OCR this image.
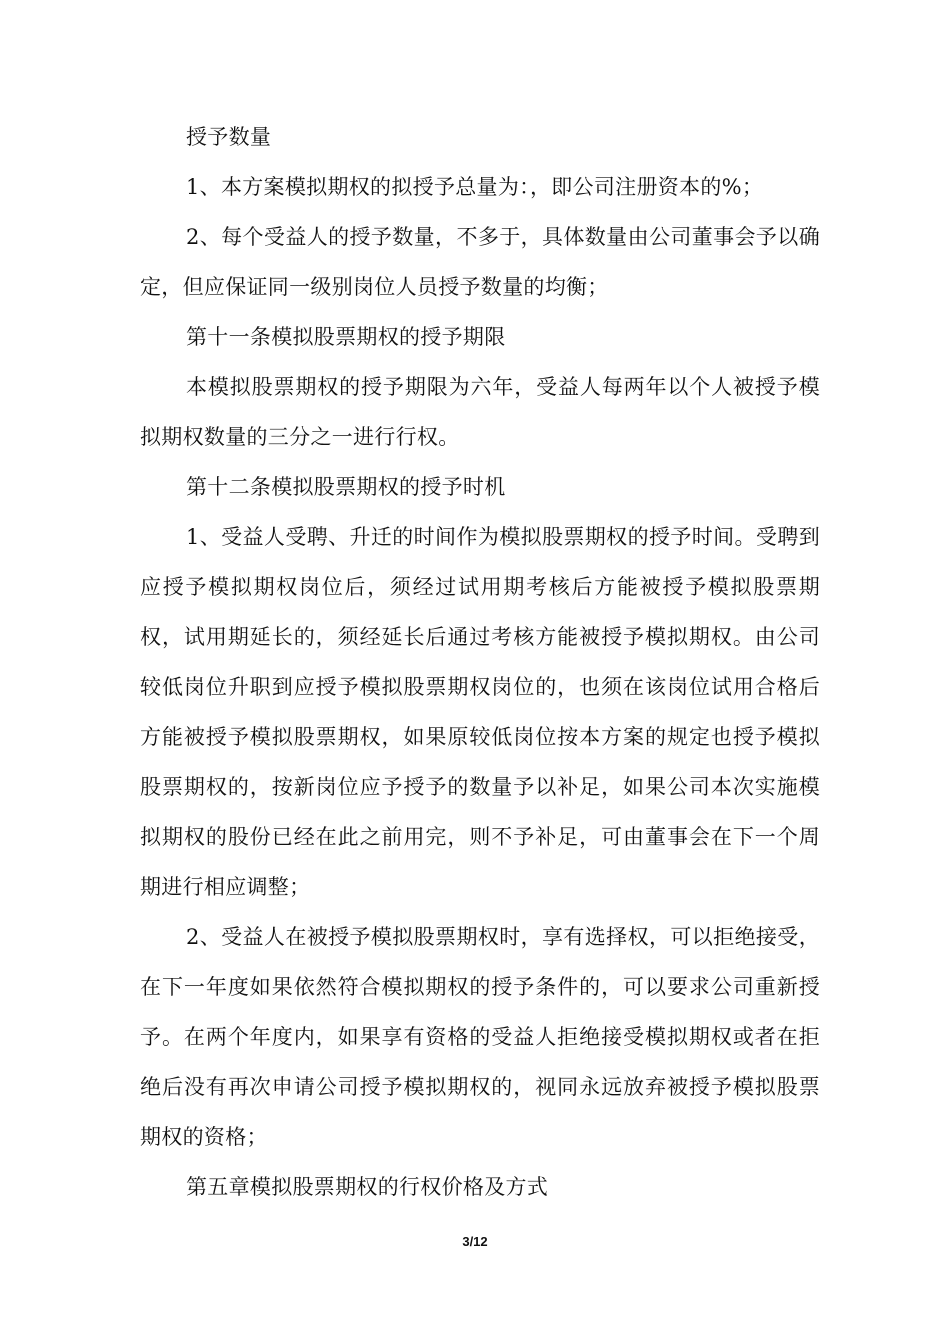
授予数量

1、本方案模拟期权的拟授予总量为：，即公司注册资本的%；

2、每个受益人的授予数量，不多于，具体数量由公司董事会予以确定，但应保证同一级别岗位人员授予数量的均衡；

第十一条模拟股票期权的授予期限

本模拟股票期权的授予期限为六年，受益人每两年以个人被授予模拟期权数量的三分之一进行行权。

第十二条模拟股票期权的授予时机

1、受益人受聘、升迁的时间作为模拟股票期权的授予时间。受聘到应授予模拟期权岗位后，须经过试用期考核后方能被授予模拟股票期权，试用期延长的，须经延长后通过考核方能被授予模拟期权。由公司较低岗位升职到应授予模拟股票期权岗位的，也须在该岗位试用合格后方能被授予模拟股票期权，如果原较低岗位按本方案的规定也授予模拟股票期权的，按新岗位应予授予的数量予以补足，如果公司本次实施模拟期权的股份已经在此之前用完，则不予补足，可由董事会在下一个周期进行相应调整；

2、受益人在被授予模拟股票期权时，享有选择权，可以拒绝接受，在下一年度如果依然符合模拟期权的授予条件的，可以要求公司重新授予。在两个年度内，如果享有资格的受益人拒绝接受模拟期权或者在拒绝后没有再次申请公司授予模拟期权的，视同永远放弃被授予模拟股票期权的资格；

第五章模拟股票期权的行权价格及方式

3/12
